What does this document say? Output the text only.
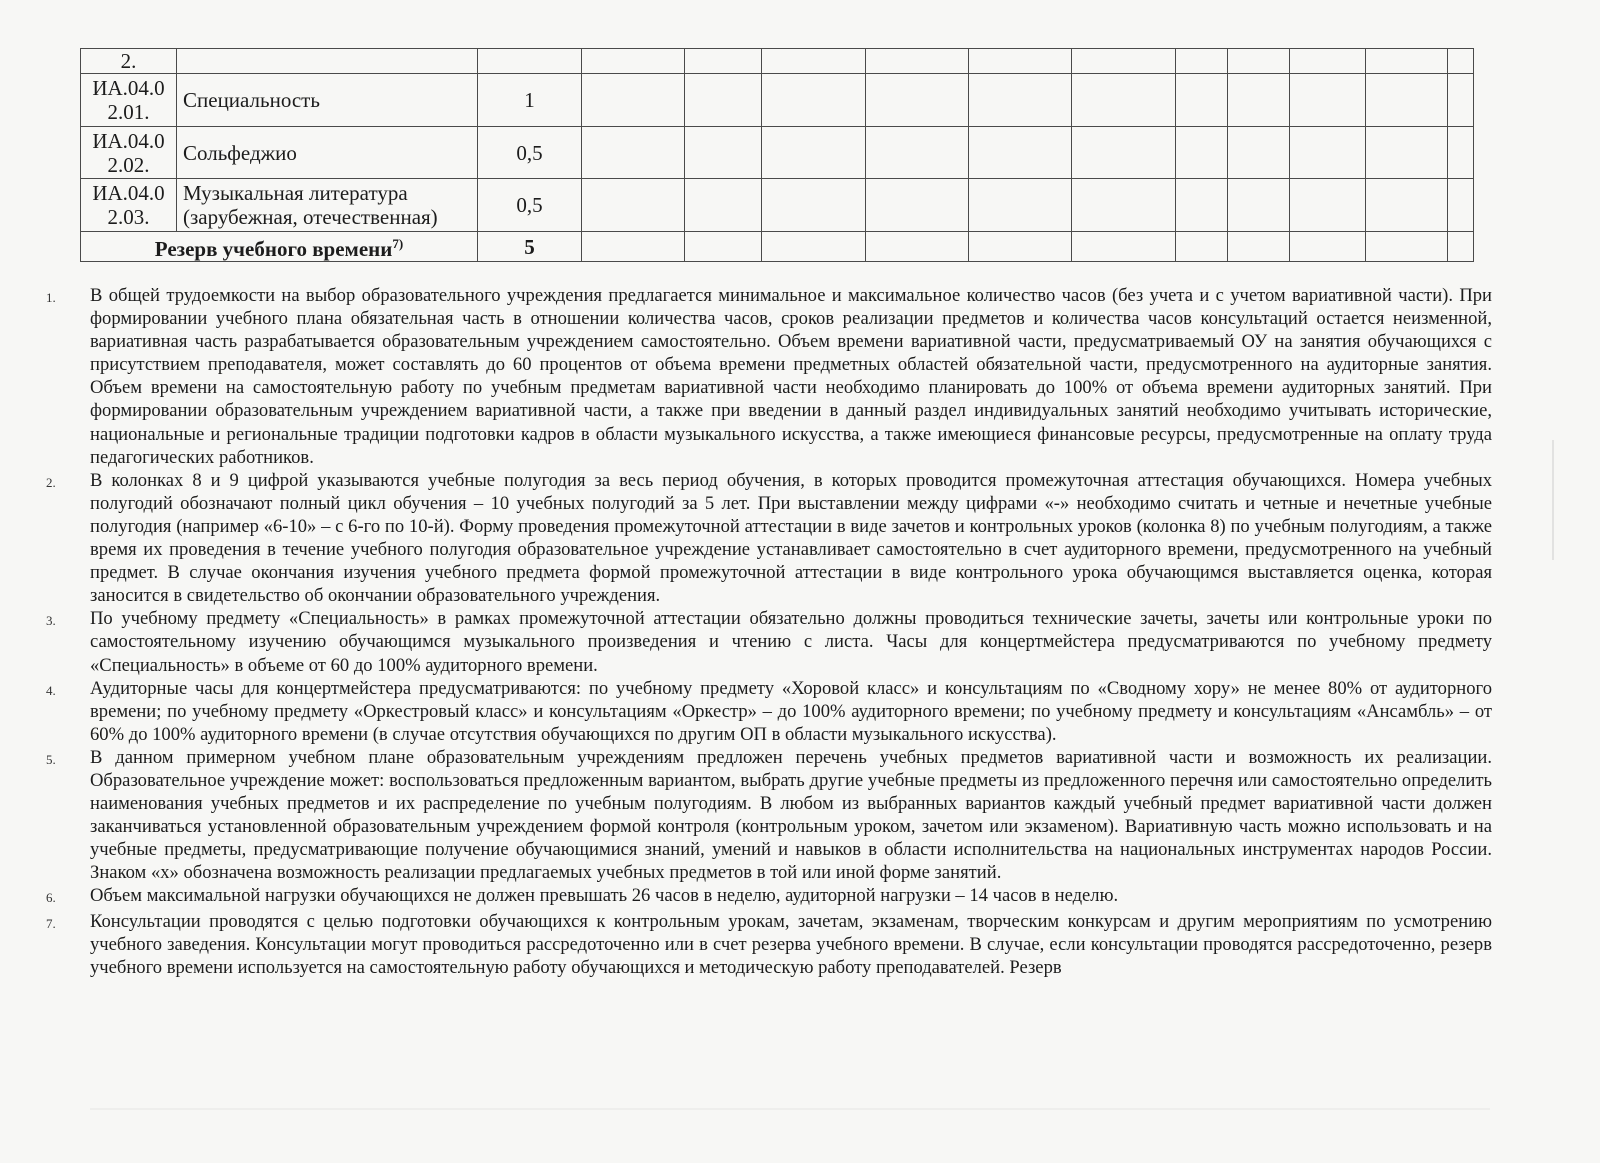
2.													
ИА.04.0 2.01.	Специальность	1											
ИА.04.0 2.02.	Сольфеджио	0,5											
ИА.04.0 2.03.	Музыкальная литература (зарубежная, отечественная)	0,5											
Резерв учебного времени$^{7)}$		5											
1.	В общей трудоемкости на выбор образовательного учреждения предлагается минимальное и максимальное количество часов (без учета и с учетом вариативной части). При формировании учебного плана обязательная часть в отношении количества часов, сроков реализации предметов и количества часов консультаций остается неизменной, вариативная часть разрабатывается образовательным учреждением самостоятельно. Объем времени вариативной части, предусматриваемый ОУ на занятия обучающихся с присутствием преподавателя, может составлять до 60 процентов от объема времени предметных областей обязательной части, предусмотренного на аудиторные занятия. Объем времени на самостоятельную работу по учебным предметам вариативной части необходимо планировать до 100% от объема времени аудиторных занятий. При формировании образовательным учреждением вариативной части, а также при введении в данный раздел индивидуальных занятий необходимо учитывать исторические, национальные и региональные традиции подготовки кадров в области музыкального искусства, а также имеющиеся финансовые ресурсы, предусмотренные на оплату труда педагогических работников.
2.	В колонках 8 и 9 цифрой указываются учебные полугодия за весь период обучения, в которых проводится промежуточная аттестация обучающихся. Номера учебных полугодий обозначают полный цикл обучения – 10 учебных полугодий за 5 лет. При выставлении между цифрами «-» необходимо считать и четные и нечетные учебные полугодия (например «6-10» – с 6-го по 10-й). Форму проведения промежуточной аттестации в виде зачетов и контрольных уроков (колонка 8) по учебным полугодиям, а также время их проведения в течение учебного полугодия образовательное учреждение устанавливает самостоятельно в счет аудиторного времени, предусмотренного на учебный предмет. В случае окончания изучения учебного предмета формой промежуточной аттестации в виде контрольного урока обучающимся выставляется оценка, которая заносится в свидетельство об окончании образовательного учреждения.
3.	По учебному предмету «Специальность» в рамках промежуточной аттестации обязательно должны проводиться технические зачеты, зачеты или контрольные уроки по самостоятельному изучению обучающимся музыкального произведения и чтению с листа. Часы для концертмейстера предусматриваются по учебному предмету «Специальность» в объеме от 60 до 100% аудиторного времени.
4.	Аудиторные часы для концертмейстера предусматриваются: по учебному предмету «Хоровой класс» и консультациям по «Сводному хору» не менее 80% от аудиторного времени; по учебному предмету «Оркестровый класс» и консультациям «Оркестр» – до 100% аудиторного времени; по учебному предмету и консультациям «Ансамбль» – от 60% до 100% аудиторного времени (в случае отсутствия обучающихся по другим ОП в области музыкального искусства).
5.	В данном примерном учебном плане образовательным учреждениям предложен перечень учебных предметов вариативной части и возможность их реализации. Образовательное учреждение может: воспользоваться предложенным вариантом, выбрать другие учебные предметы из предложенного перечня или самостоятельно определить наименования учебных предметов и их распределение по учебным полугодиям. В любом из выбранных вариантов каждый учебный предмет вариативной части должен заканчиваться установленной образовательным учреждением формой контроля (контрольным уроком, зачетом или экзаменом). Вариативную часть можно использовать и на учебные предметы, предусматривающие получение обучающимися знаний, умений и навыков в области исполнительства на национальных инструментах народов России. Знаком «х» обозначена возможность реализации предлагаемых учебных предметов в той или иной форме занятий.
6.	Объем максимальной нагрузки обучающихся не должен превышать 26 часов в неделю, аудиторной нагрузки – 14 часов в неделю.
7.	Консультации проводятся с целью подготовки обучающихся к контрольным урокам, зачетам, экзаменам, творческим конкурсам и другим мероприятиям по усмотрению учебного заведения. Консультации могут проводиться рассредоточенно или в счет резерва учебного времени. В случае, если консультации проводятся рассредоточенно, резерв учебного времени используется на самостоятельную работу обучающихся и методическую работу преподавателей. Резерв
